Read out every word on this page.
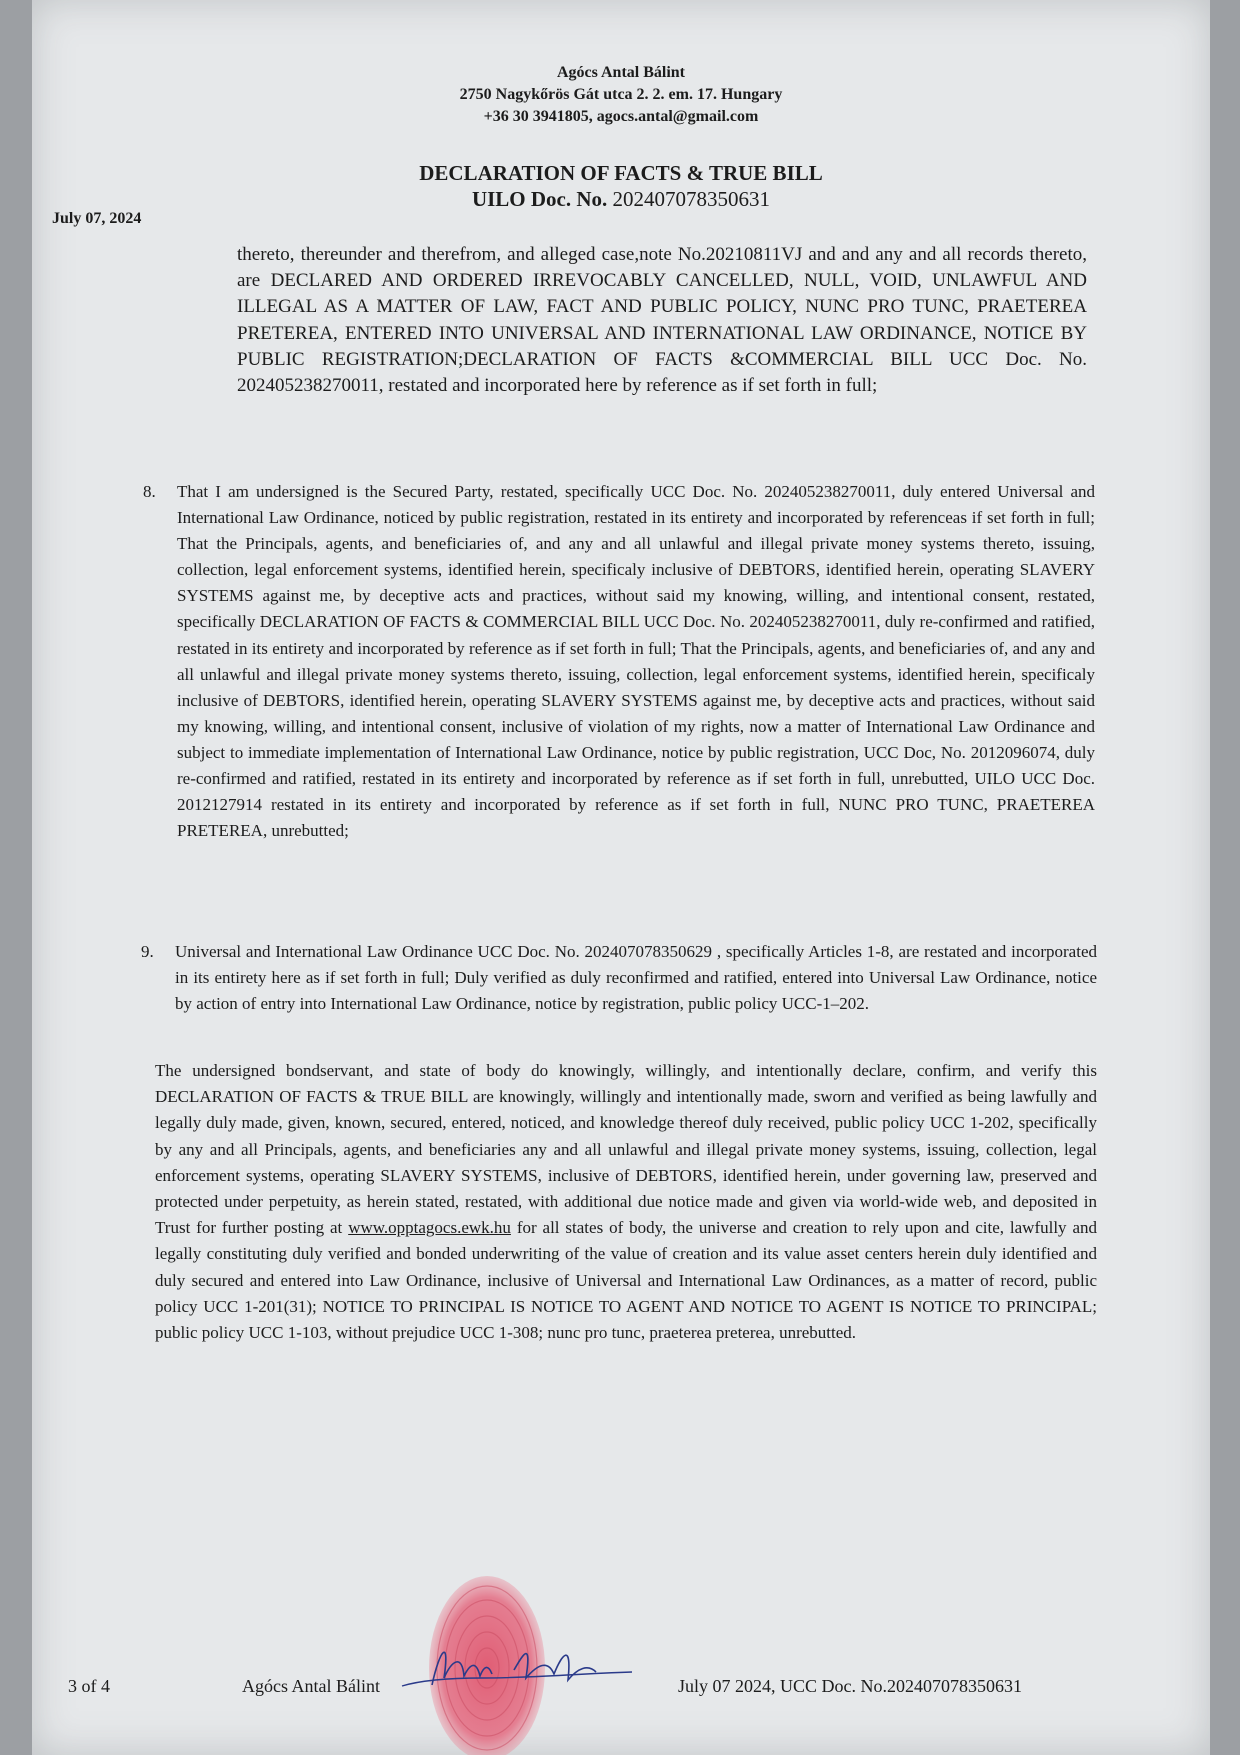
Agócs Antal Bálint
2750 Nagykőrös Gát utca 2. 2. em. 17. Hungary
+36 30 3941805, agocs.antal@gmail.com
DECLARATION OF FACTS & TRUE BILL
UILO Doc. No. 202407078350631
July 07, 2024
thereto, thereunder and therefrom, and alleged case,note No.20210811VJ and and any and all records thereto, are DECLARED AND ORDERED IRREVOCABLY CANCELLED, NULL, VOID, UNLAWFUL AND ILLEGAL AS A MATTER OF LAW, FACT AND PUBLIC POLICY, NUNC PRO TUNC, PRAETEREA PRETEREA, ENTERED INTO UNIVERSAL AND INTERNATIONAL LAW ORDINANCE, NOTICE BY PUBLIC REGISTRATION;DECLARATION OF FACTS &COMMERCIAL BILL UCC Doc. No. 202405238270011, restated and incorporated here by reference as if set forth in full;
8. That I am undersigned is the Secured Party, restated, specifically UCC Doc. No. 202405238270011, duly entered Universal and International Law Ordinance, noticed by public registration, restated in its entirety and incorporated by referenceas if set forth in full; That the Principals, agents, and beneficiaries of, and any and all unlawful and illegal private money systems thereto, issuing, collection, legal enforcement systems, identified herein, specificaly inclusive of DEBTORS, identified herein, operating SLAVERY SYSTEMS against me, by deceptive acts and practices, without said my knowing, willing, and intentional consent, restated, specifically DECLARATION OF FACTS & COMMERCIAL BILL UCC Doc. No. 202405238270011, duly re-confirmed and ratified, restated in its entirety and incorporated by reference as if set forth in full; That the Principals, agents, and beneficiaries of, and any and all unlawful and illegal private money systems thereto, issuing, collection, legal enforcement systems, identified herein, specificaly inclusive of DEBTORS, identified herein, operating SLAVERY SYSTEMS against me, by deceptive acts and practices, without said my knowing, willing, and intentional consent, inclusive of violation of my rights, now a matter of International Law Ordinance and subject to immediate implementation of International Law Ordinance, notice by public registration, UCC Doc, No. 2012096074, duly re-confirmed and ratified, restated in its entirety and incorporated by reference as if set forth in full, unrebutted, UILO UCC Doc. 2012127914 restated in its entirety and incorporated by reference as if set forth in full, NUNC PRO TUNC, PRAETEREA PRETEREA, unrebutted;
9. Universal and International Law Ordinance UCC Doc. No. 202407078350629 , specifically Articles 1-8, are restated and incorporated in its entirety here as if set forth in full; Duly verified as duly reconfirmed and ratified, entered into Universal Law Ordinance, notice by action of entry into International Law Ordinance, notice by registration, public policy UCC-1–202.
The undersigned bondservant, and state of body do knowingly, willingly, and intentionally declare, confirm, and verify this DECLARATION OF FACTS & TRUE BILL are knowingly, willingly and intentionally made, sworn and verified as being lawfully and legally duly made, given, known, secured, entered, noticed, and knowledge thereof duly received, public policy UCC 1-202, specifically by any and all Principals, agents, and beneficiaries any and all unlawful and illegal private money systems, issuing, collection, legal enforcement systems, operating SLAVERY SYSTEMS, inclusive of DEBTORS, identified herein, under governing law, preserved and protected under perpetuity, as herein stated, restated, with additional due notice made and given via world-wide web, and deposited in Trust for further posting at www.opptagocs.ewk.hu for all states of body, the universe and creation to rely upon and cite, lawfully and legally constituting duly verified and bonded underwriting of the value of creation and its value asset centers herein duly identified and duly secured and entered into Law Ordinance, inclusive of Universal and International Law Ordinances, as a matter of record, public policy UCC 1-201(31); NOTICE TO PRINCIPAL IS NOTICE TO AGENT AND NOTICE TO AGENT IS NOTICE TO PRINCIPAL; public policy UCC 1-103, without prejudice UCC 1-308; nunc pro tunc, praeterea preterea, unrebutted.
3 of 4	Agócs Antal Bálint	July 07 2024, UCC Doc. No.202407078350631
